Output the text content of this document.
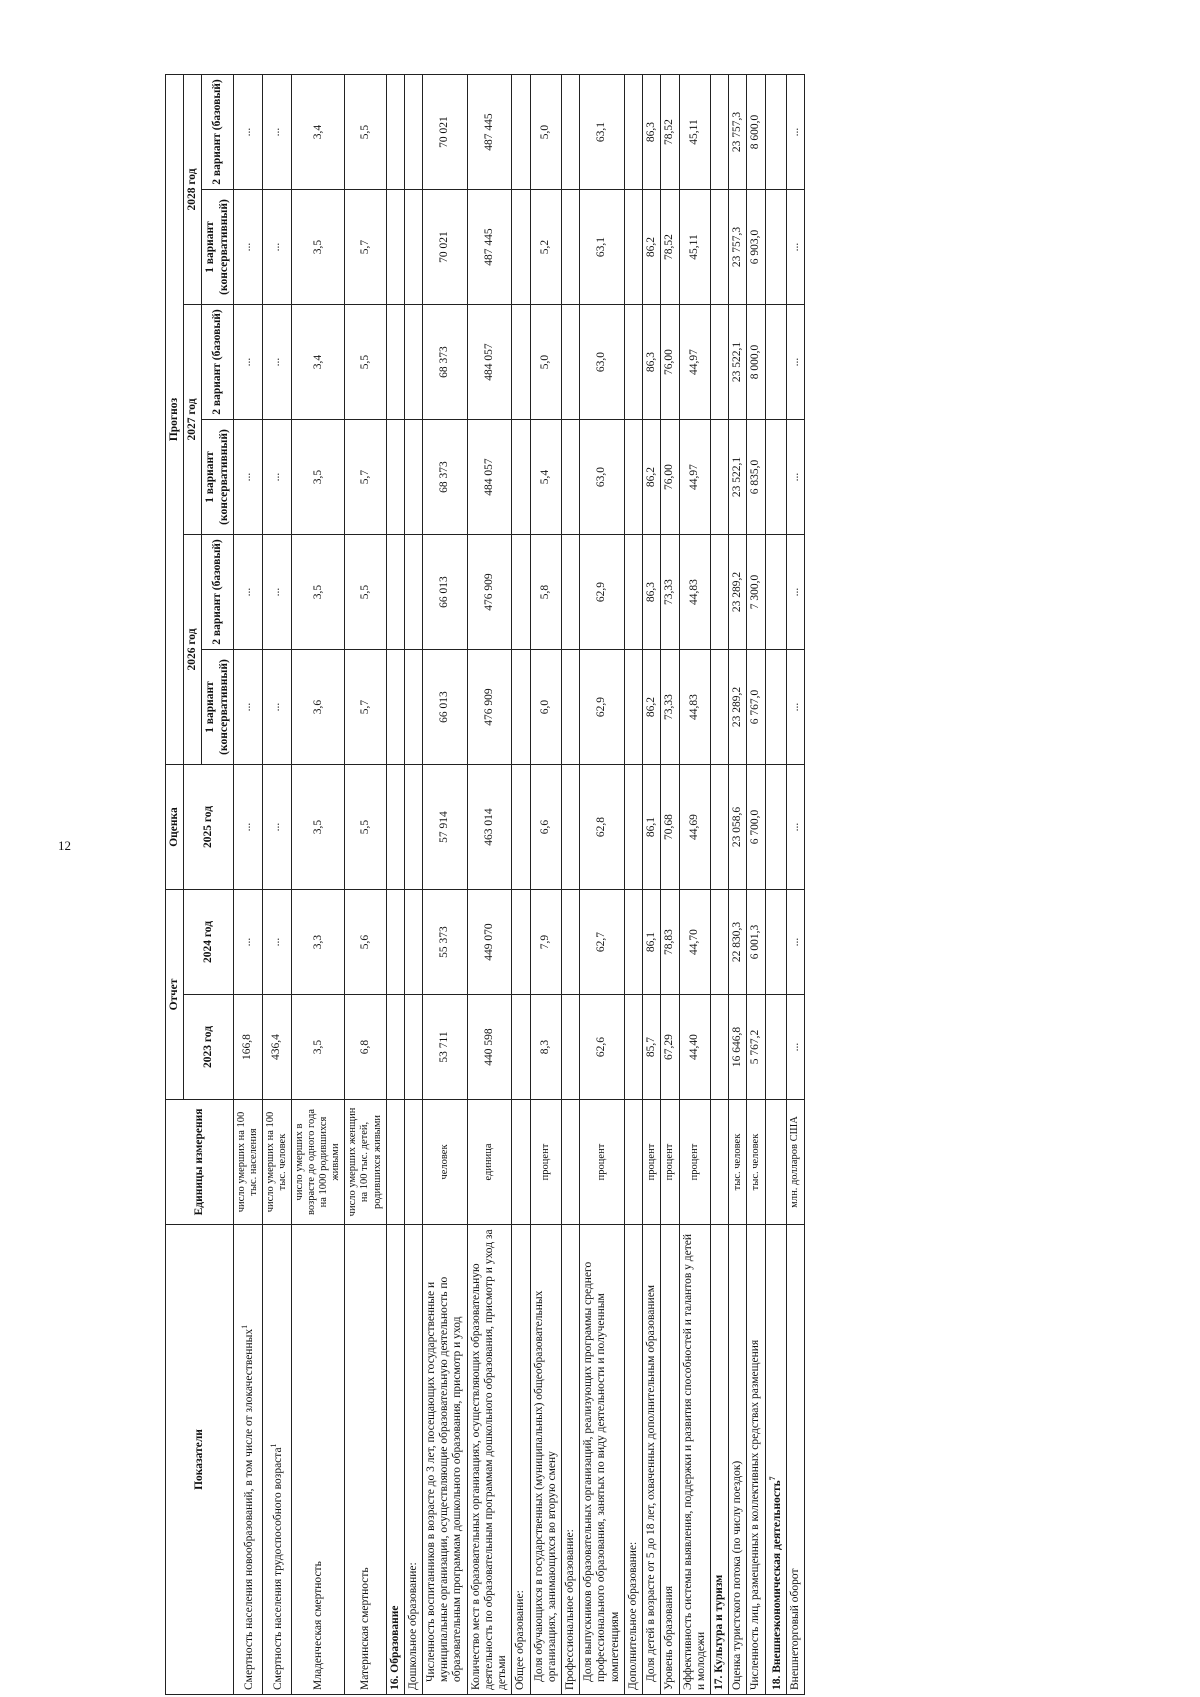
12
Показатели	Единицы измерения	Отчет		Оценка	Прогноз					
		2023 год	2024 год	2025 год	2026 год		2027 год		2028 год	
					1 вариант (консервативный)	2 вариант (базовый)	1 вариант (консервативный)	2 вариант (базовый)	1 вариант (консервативный)	2 вариант (базовый)
Смертность населения новообразований, в том числе от злокачественных$^1$	число умерших на 100 тыс. населения	166,8	...	...	...	...	...	...	...	...
Смертность населения трудоспособного возраста$^1$	число умерших на 100 тыс. человек	436,4	...	...	...	...	...	...	...	...
Младенческая смертность	число умерших в возрасте до одного года на 1000 родившихся живыми	3,5	3,3	3,5	3,6	3,5	3,5	3,4	3,5	3,4
Материнская смертность	число умерших женщин на 100 тыс. детей, родившихся живыми	6,8	5,6	5,5	5,7	5,5	5,7	5,5	5,7	5,5
16. Образование										
Дошкольное образование:										
Численность воспитанников в возрасте до 3 лет, посещающих государственные и муниципальные организации, осуществляющие образовательную деятельность по образовательным программам дошкольного образования, присмотр и уход	человек	53 711	55 373	57 914	66 013	66 013	68 373	68 373	70 021	70 021
Количество мест в образовательных организациях, осуществляющих образовательную деятельность по образовательным программам дошкольного образования, присмотр и уход за детьми	единица	440 598	449 070	463 014	476 909	476 909	484 057	484 057	487 445	487 445
Общее образование:										
Доля обучающихся в государственных (муниципальных) общеобразовательных организациях, занимающихся во вторую смену	процент	8,3	7,9	6,6	6,0	5,8	5,4	5,0	5,2	5,0
Профессиональное образование:										
Доля выпускников образовательных организаций, реализующих программы среднего профессионального образования, занятых по виду деятельности и полученным компетенциям	процент	62,6	62,7	62,8	62,9	62,9	63,0	63,0	63,1	63,1
Дополнительное образование:										
Доля детей в возрасте от 5 до 18 лет, охваченных дополнительным образованием	процент	85,7	86,1	86,1	86,2	86,3	86,2	86,3	86,2	86,3
Уровень образования	процент	67,29	78,83	70,68	73,33	73,33	76,00	76,00	78,52	78,52
Эффективность системы выявления, поддержки и развития способностей и талантов у детей и молодежи	процент	44,40	44,70	44,69	44,83	44,83	44,97	44,97	45,11	45,11
17. Культура и туризм										
Оценка туристского потока (по числу поездок)	тыс. человек	16 646,8	22 830,3	23 058,6	23 289,2	23 289,2	23 522,1	23 522,1	23 757,3	23 757,3
Численность лиц, размещенных в коллективных средствах размещения	тыс. человек	5 767,2	6 001,3	6 700,0	6 767,0	7 300,0	6 835,0	8 000,0	6 903,0	8 600,0
18. Внешнеэкономическая деятельность$^7$										
Внешнеторговый оборот	млн. долларов США	...	...	...	...	...	...	...	...	...
